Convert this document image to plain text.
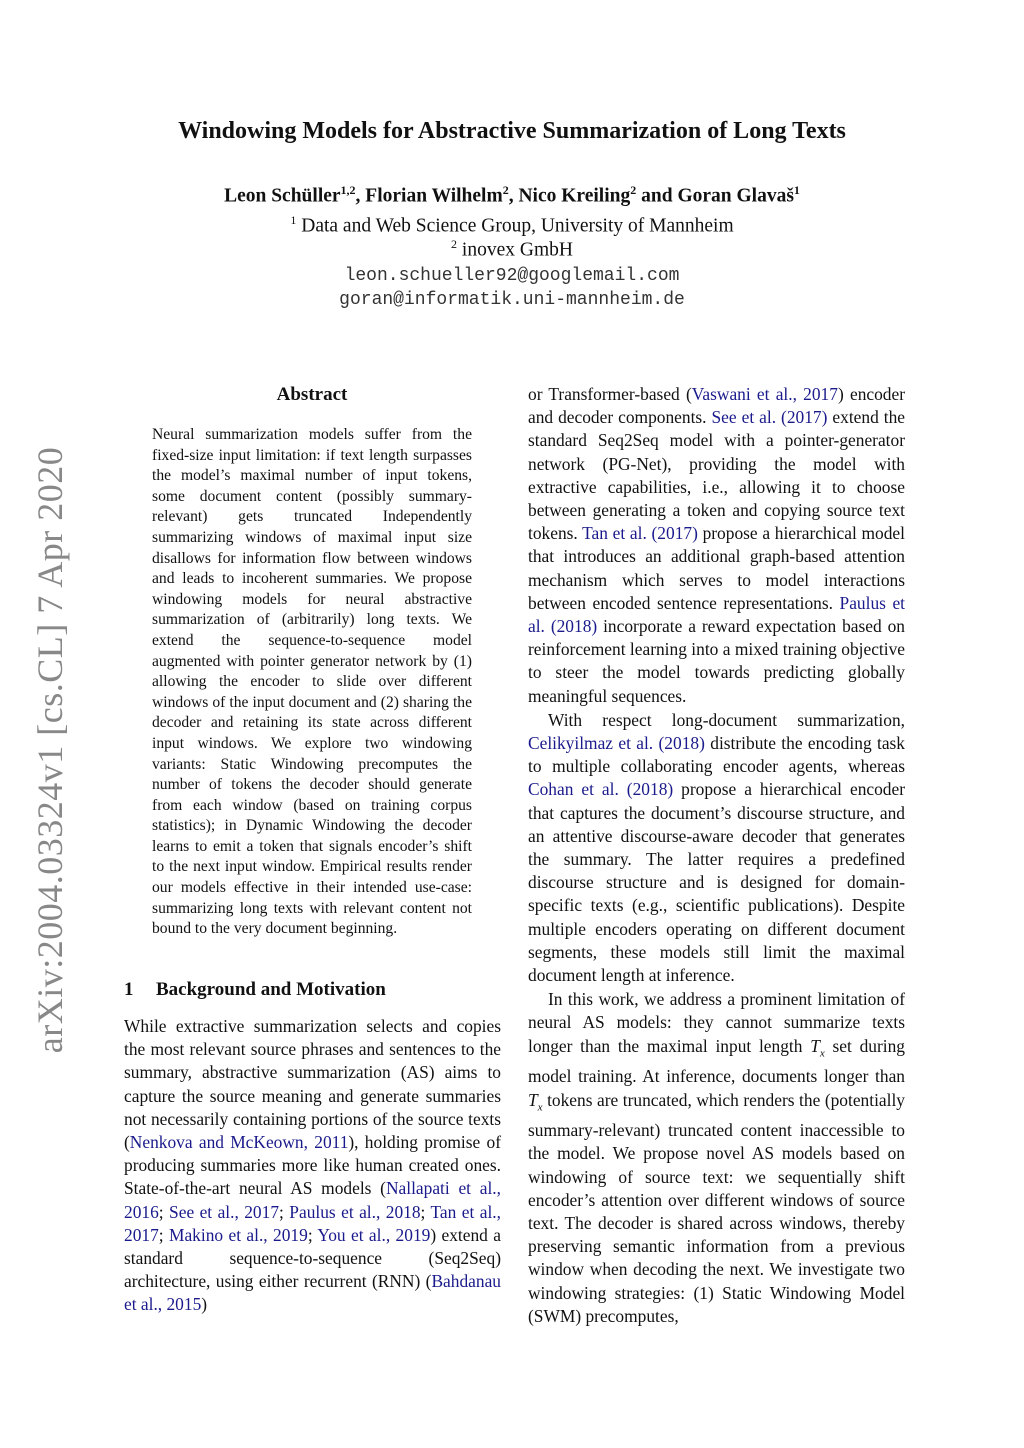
arXiv:2004.03324v1 [cs.CL] 7 Apr 2020
Windowing Models for Abstractive Summarization of Long Texts
Leon Schüller$^{1,2}$, Florian Wilhelm$^2$, Nico Kreiling$^2$ and Goran Glavaš$^1$
$^1$ Data and Web Science Group, University of Mannheim
$^2$ inovex GmbH
leon.schueller92@googlemail.com
goran@informatik.uni-mannheim.de
Abstract
Neural summarization models suffer from the fixed-size input limitation: if text length surpasses the model’s maximal number of input tokens, some document content (possibly summary-relevant) gets truncated Independently summarizing windows of maximal input size disallows for information flow between windows and leads to incoherent summaries. We propose windowing models for neural abstractive summarization of (arbitrarily) long texts. We extend the sequence-to-sequence model augmented with pointer generator network by (1) allowing the encoder to slide over different windows of the input document and (2) sharing the decoder and retaining its state across different input windows. We explore two windowing variants: Static Windowing precomputes the number of tokens the decoder should generate from each window (based on training corpus statistics); in Dynamic Windowing the decoder learns to emit a token that signals encoder’s shift to the next input window. Empirical results render our models effective in their intended use-case: summarizing long texts with relevant content not bound to the very document beginning.
1 Background and Motivation

While extractive summarization selects and copies the most relevant source phrases and sentences to the summary, abstractive summarization (AS) aims to capture the source meaning and generate summaries not necessarily containing portions of the source texts (Nenkova and McKeown, 2011), holding promise of producing summaries more like human created ones. State-of-the-art neural AS models (Nallapati et al., 2016; See et al., 2017; Paulus et al., 2018; Tan et al., 2017; Makino et al., 2019; You et al., 2019) extend a standard sequence-to-sequence (Seq2Seq) architecture, using either recurrent (RNN) (Bahdanau et al., 2015)

or Transformer-based (Vaswani et al., 2017) encoder and decoder components. See et al. (2017) extend the standard Seq2Seq model with a pointer-generator network (PG-Net), providing the model with extractive capabilities, i.e., allowing it to choose between generating a token and copying source text tokens. Tan et al. (2017) propose a hierarchical model that introduces an additional graph-based attention mechanism which serves to model interactions between encoded sentence representations. Paulus et al. (2018) incorporate a reward expectation based on reinforcement learning into a mixed training objective to steer the model towards predicting globally meaningful sequences.

With respect long-document summarization, Celikyilmaz et al. (2018) distribute the encoding task to multiple collaborating encoder agents, whereas Cohan et al. (2018) propose a hierarchical encoder that captures the document’s discourse structure, and an attentive discourse-aware decoder that generates the summary. The latter requires a predefined discourse structure and is designed for domain-specific texts (e.g., scientific publications). Despite multiple encoders operating on different document segments, these models still limit the maximal document length at inference.

In this work, we address a prominent limitation of neural AS models: they cannot summarize texts longer than the maximal input length $T_x$ set during model training. At inference, documents longer than $T_x$ tokens are truncated, which renders the (potentially summary-relevant) truncated content inaccessible to the model. We propose novel AS models based on windowing of source text: we sequentially shift encoder’s attention over different windows of source text. The decoder is shared across windows, thereby preserving semantic information from a previous window when decoding the next. We investigate two windowing strategies: (1) Static Windowing Model (SWM) precomputes,
